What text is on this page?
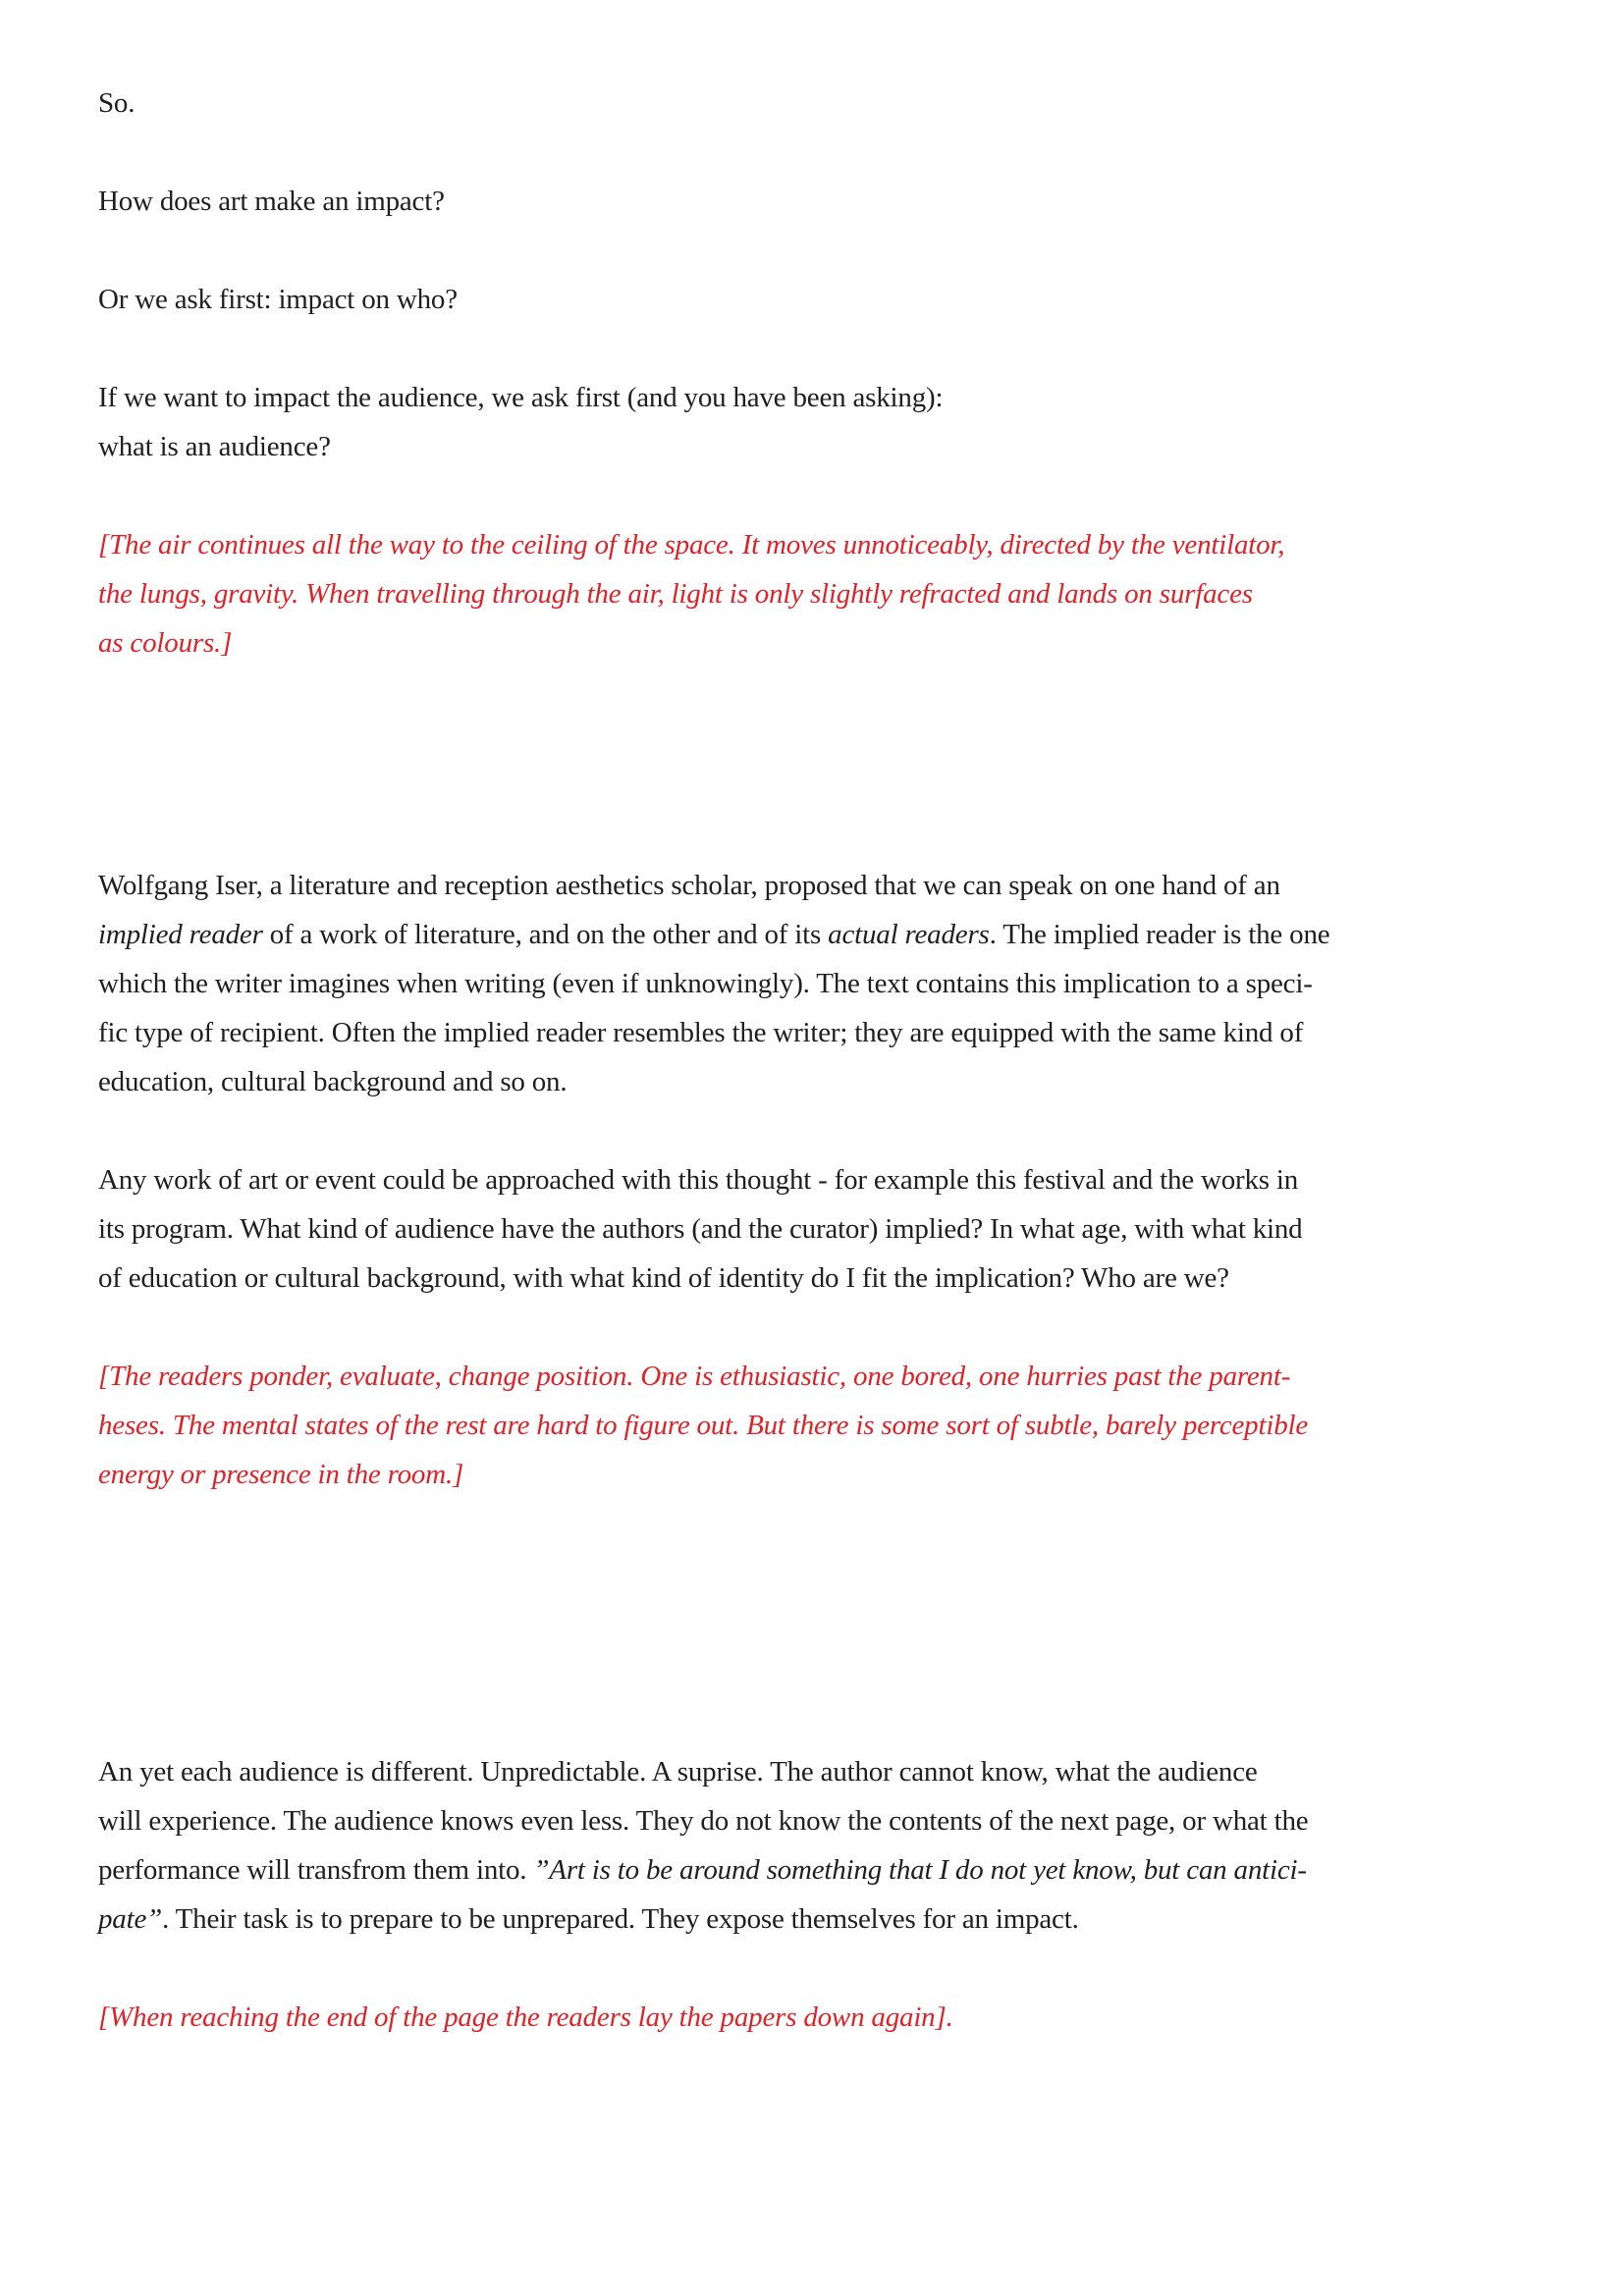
So.
How does art make an impact?
Or we ask first: impact on who?
If we want to impact the audience, we ask first (and you have been asking):
what is an audience?
[The air continues all the way to the ceiling of the space. It moves unnoticeably, directed by the ventilator,
the lungs, gravity. When travelling through the air, light is only slightly refracted and lands on surfaces
as colours.]
Wolfgang Iser, a literature and reception aesthetics scholar, proposed that we can speak on one hand of an
implied reader of a work of literature, and on the other and of its actual readers. The implied reader is the one
which the writer imagines when writing (even if unknowingly). The text contains this implication to a speci-
fic type of recipient. Often the implied reader resembles the writer; they are equipped with the same kind of
education, cultural background and so on.
Any work of art or event could be approached with this thought - for example this festival and the works in
its program. What kind of audience have the authors (and the curator) implied? In what age, with what kind
of education or cultural background, with what kind of identity do I fit the implication? Who are we?
[The readers ponder, evaluate, change position. One is ethusiastic, one bored, one hurries past the parent-
heses. The mental states of the rest are hard to figure out. But there is some sort of subtle, barely perceptible
energy or presence in the room.]
An yet each audience is different. Unpredictable. A suprise. The author cannot know, what the audience
will experience. The audience knows even less. They do not know the contents of the next page, or what the
performance will transfrom them into. ”Art is to be around something that I do not yet know, but can antici-
pate”. Their task is to prepare to be unprepared. They expose themselves for an impact.
[When reaching the end of the page the readers lay the papers down again].
